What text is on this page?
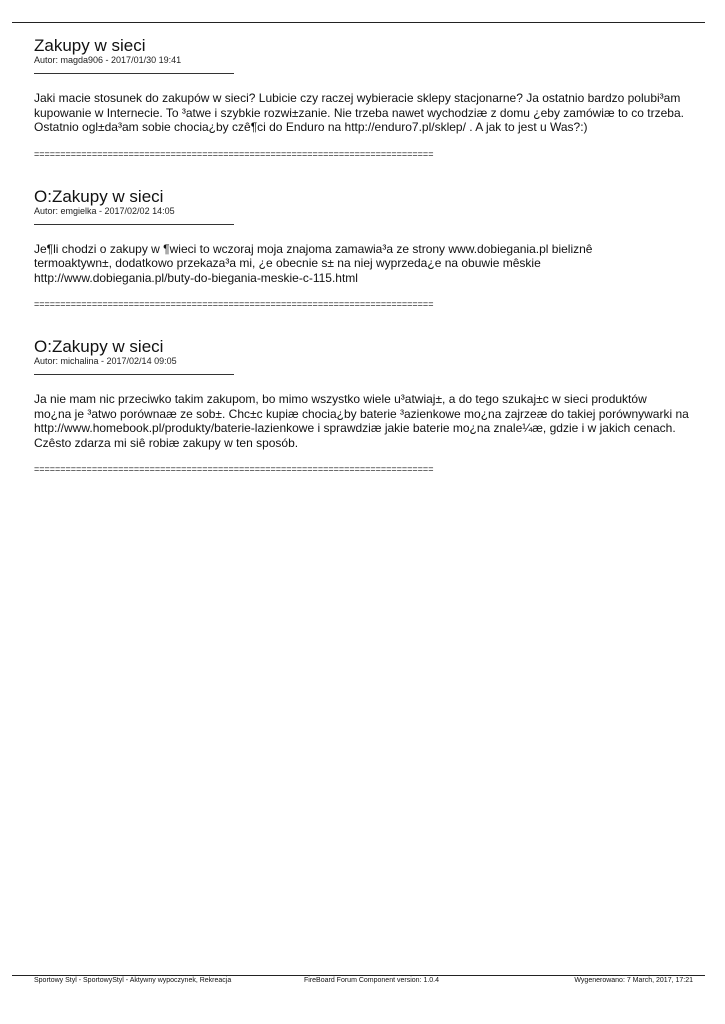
Zakupy w sieci

Autor: magda906 - 2017/01/30 19:41

Jaki macie stosunek do zakupów w sieci? Lubicie czy raczej wybieracie sklepy stacjonarne? Ja ostatnio bardzo polubi³am
kupowanie w Internecie. To ³atwe i szybkie rozwi±zanie. Nie trzeba nawet wychodziæ z domu ¿eby zamówiæ to co trzeba.
Ostatnio ogl±da³am sobie chocia¿by czê¶ci do Enduro na http://enduro7.pl/sklep/ . A jak to jest u Was?:)

============================================================================
O:Zakupy w sieci

Autor: emgielka - 2017/02/02 14:05

Je¶li chodzi o zakupy w ¶wieci to wczoraj moja znajoma zamawia³a ze strony www.dobiegania.pl bieliznê
termoaktywn±, dodatkowo przekaza³a mi, ¿e obecnie s± na niej wyprzeda¿e na obuwie mêskie
http://www.dobiegania.pl/buty-do-biegania-meskie-c-115.html

============================================================================
O:Zakupy w sieci

Autor: michalina - 2017/02/14 09:05

Ja nie mam nic przeciwko takim zakupom, bo mimo wszystko wiele u³atwiaj±, a do tego szukaj±c w sieci produktów
mo¿na je ³atwo porównaæ ze sob±. Chc±c kupiæ chocia¿by baterie ³azienkowe mo¿na zajrzeæ do takiej porównywarki na
http://www.homebook.pl/produkty/baterie-lazienkowe i sprawdziæ jakie baterie mo¿na znale¼æ, gdzie i w jakich cenach.
Czêsto zdarza mi siê robiæ zakupy w ten sposób.

============================================================================
Sportowy Styl - SportowyStyl - Aktywny wypoczynek, Rekreacja	FireBoard Forum Component version: 1.0.4	Wygenerowano: 7 March, 2017, 17:21
